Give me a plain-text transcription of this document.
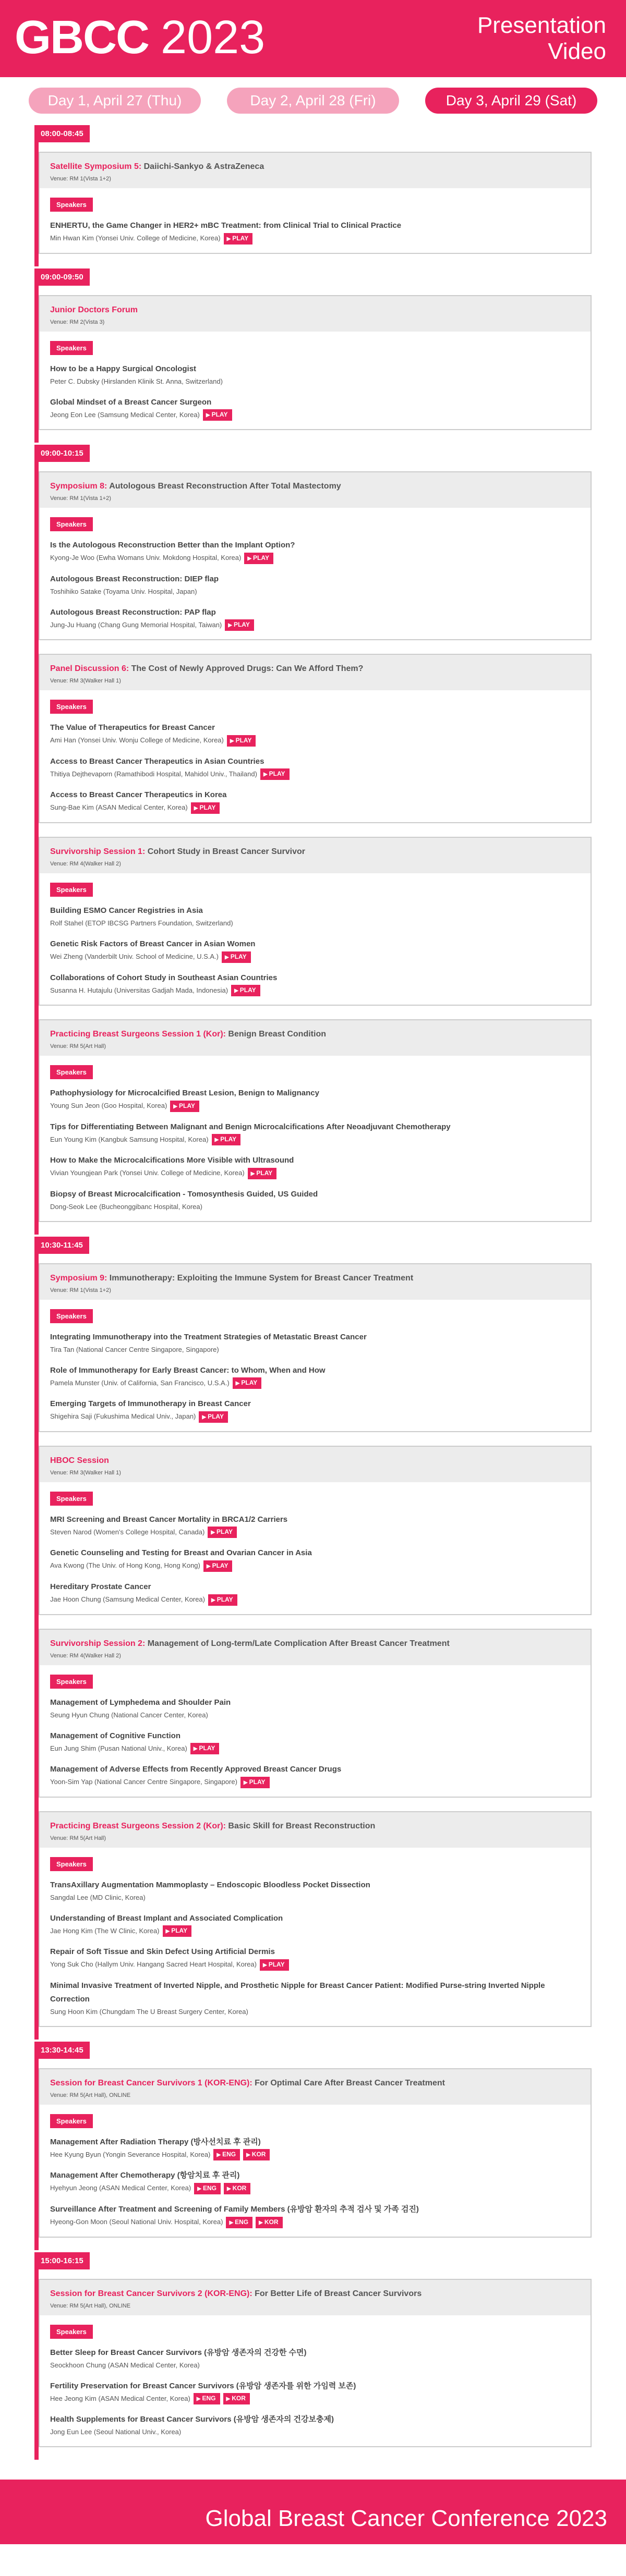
GBCC 2023	Presentation
Video
Day 1, April 27 (Thu)	Day 2, April 28 (Fri)	Day 3, April 29 (Sat)
08:00-08:45
Satellite Symposium 5: Daiichi-Sankyo & AstraZeneca
Venue: RM 1(Vista 1+2)
Speakers
ENHERTU, the Game Changer in HER2+ mBC Treatment: from Clinical Trial to Clinical Practice
Min Hwan Kim (Yonsei Univ. College of Medicine, Korea) ▶ PLAY
09:00-09:50
Junior Doctors Forum
Venue: RM 2(Vista 3)
Speakers
How to be a Happy Surgical Oncologist
Peter C. Dubsky (Hirslanden Klinik St. Anna, Switzerland)
Global Mindset of a Breast Cancer Surgeon
Jeong Eon Lee (Samsung Medical Center, Korea) ▶ PLAY
09:00-10:15
Symposium 8: Autologous Breast Reconstruction After Total Mastectomy
Venue: RM 1(Vista 1+2)
Speakers
Is the Autologous Reconstruction Better than the Implant Option?
Kyong-Je Woo (Ewha Womans Univ. Mokdong Hospital, Korea) ▶ PLAY
Autologous Breast Reconstruction: DIEP flap
Toshihiko Satake (Toyama Univ. Hospital, Japan)
Autologous Breast Reconstruction: PAP flap
Jung-Ju Huang (Chang Gung Memorial Hospital, Taiwan) ▶ PLAY
Panel Discussion 6: The Cost of Newly Approved Drugs: Can We Afford Them?
Venue: RM 3(Walker Hall 1)
Speakers
The Value of Therapeutics for Breast Cancer
Ami Han (Yonsei Univ. Wonju College of Medicine, Korea) ▶ PLAY
Access to Breast Cancer Therapeutics in Asian Countries
Thitiya Dejthevaporn (Ramathibodi Hospital, Mahidol Univ., Thailand) ▶ PLAY
Access to Breast Cancer Therapeutics in Korea
Sung-Bae Kim (ASAN Medical Center, Korea) ▶ PLAY
Survivorship Session 1: Cohort Study in Breast Cancer Survivor
Venue: RM 4(Walker Hall 2)
Speakers
Building ESMO Cancer Registries in Asia
Rolf Stahel (ETOP IBCSG Partners Foundation, Switzerland)
Genetic Risk Factors of Breast Cancer in Asian Women
Wei Zheng (Vanderbilt Univ. School of Medicine, U.S.A.) ▶ PLAY
Collaborations of Cohort Study in Southeast Asian Countries
Susanna H. Hutajulu (Universitas Gadjah Mada, Indonesia) ▶ PLAY
Practicing Breast Surgeons Session 1 (Kor): Benign Breast Condition
Venue: RM 5(Art Hall)
Speakers
Pathophysiology for Microcalcified Breast Lesion, Benign to Malignancy
Young Sun Jeon (Goo Hospital, Korea) ▶ PLAY
Tips for Differentiating Between Malignant and Benign Microcalcifications After Neoadjuvant Chemotherapy
Eun Young Kim (Kangbuk Samsung Hospital, Korea) ▶ PLAY
How to Make the Microcalcifications More Visible with Ultrasound
Vivian Youngjean Park (Yonsei Univ. College of Medicine, Korea) ▶ PLAY
Biopsy of Breast Microcalcification - Tomosynthesis Guided, US Guided
Dong-Seok Lee (Bucheonggibanc Hospital, Korea)
10:30-11:45
Symposium 9: Immunotherapy: Exploiting the Immune System for Breast Cancer Treatment
Venue: RM 1(Vista 1+2)
Speakers
Integrating Immunotherapy into the Treatment Strategies of Metastatic Breast Cancer
Tira Tan (National Cancer Centre Singapore, Singapore)
Role of Immunotherapy for Early Breast Cancer: to Whom, When and How
Pamela Munster (Univ. of California, San Francisco, U.S.A.) ▶ PLAY
Emerging Targets of Immunotherapy in Breast Cancer
Shigehira Saji (Fukushima Medical Univ., Japan) ▶ PLAY
HBOC Session
Venue: RM 3(Walker Hall 1)
Speakers
MRI Screening and Breast Cancer Mortality in BRCA1/2 Carriers
Steven Narod (Women's College Hospital, Canada) ▶ PLAY
Genetic Counseling and Testing for Breast and Ovarian Cancer in Asia
Ava Kwong (The Univ. of Hong Kong, Hong Kong) ▶ PLAY
Hereditary Prostate Cancer
Jae Hoon Chung (Samsung Medical Center, Korea) ▶ PLAY
Survivorship Session 2: Management of Long-term/Late Complication After Breast Cancer Treatment
Venue: RM 4(Walker Hall 2)
Speakers
Management of Lymphedema and Shoulder Pain
Seung Hyun Chung (National Cancer Center, Korea)
Management of Cognitive Function
Eun Jung Shim (Pusan National Univ., Korea) ▶ PLAY
Management of Adverse Effects from Recently Approved Breast Cancer Drugs
Yoon-Sim Yap (National Cancer Centre Singapore, Singapore) ▶ PLAY
Practicing Breast Surgeons Session 2 (Kor): Basic Skill for Breast Reconstruction
Venue: RM 5(Art Hall)
Speakers
TransAxillary Augmentation Mammoplasty – Endoscopic Bloodless Pocket Dissection
Sangdal Lee (MD Clinic, Korea)
Understanding of Breast Implant and Associated Complication
Jae Hong Kim (The W Clinic, Korea) ▶ PLAY
Repair of Soft Tissue and Skin Defect Using Artificial Dermis
Yong Suk Cho (Hallym Univ. Hangang Sacred Heart Hospital, Korea) ▶ PLAY
Minimal Invasive Treatment of Inverted Nipple, and Prosthetic Nipple for Breast Cancer Patient: Modified Purse-string Inverted Nipple Correction
Sung Hoon Kim (Chungdam The U Breast Surgery Center, Korea)
13:30-14:45
Session for Breast Cancer Survivors 1 (KOR-ENG): For Optimal Care After Breast Cancer Treatment
Venue: RM 5(Art Hall), ONLINE
Speakers
Management After Radiation Therapy (방사선치료 후 관리)
Hee Kyung Byun (Yongin Severance Hospital, Korea) ▶ ENG ▶ KOR
Management After Chemotherapy (항암치료 후 관리)
Hyehyun Jeong (ASAN Medical Center, Korea) ▶ ENG ▶ KOR
Surveillance After Treatment and Screening of Family Members (유방암 환자의 추적 검사 및 가족 검진)
Hyeong-Gon Moon (Seoul National Univ. Hospital, Korea) ▶ ENG ▶ KOR
15:00-16:15
Session for Breast Cancer Survivors 2 (KOR-ENG): For Better Life of Breast Cancer Survivors
Venue: RM 5(Art Hall), ONLINE
Speakers
Better Sleep for Breast Cancer Survivors (유방암 생존자의 건강한 수면)
Seockhoon Chung (ASAN Medical Center, Korea)
Fertility Preservation for Breast Cancer Survivors (유방암 생존자를 위한 가임력 보존)
Hee Jeong Kim (ASAN Medical Center, Korea) ▶ ENG ▶ KOR
Health Supplements for Breast Cancer Survivors (유방암 생존자의 건강보충제)
Jong Eun Lee (Seoul National Univ., Korea)
Global Breast Cancer Conference 2023
